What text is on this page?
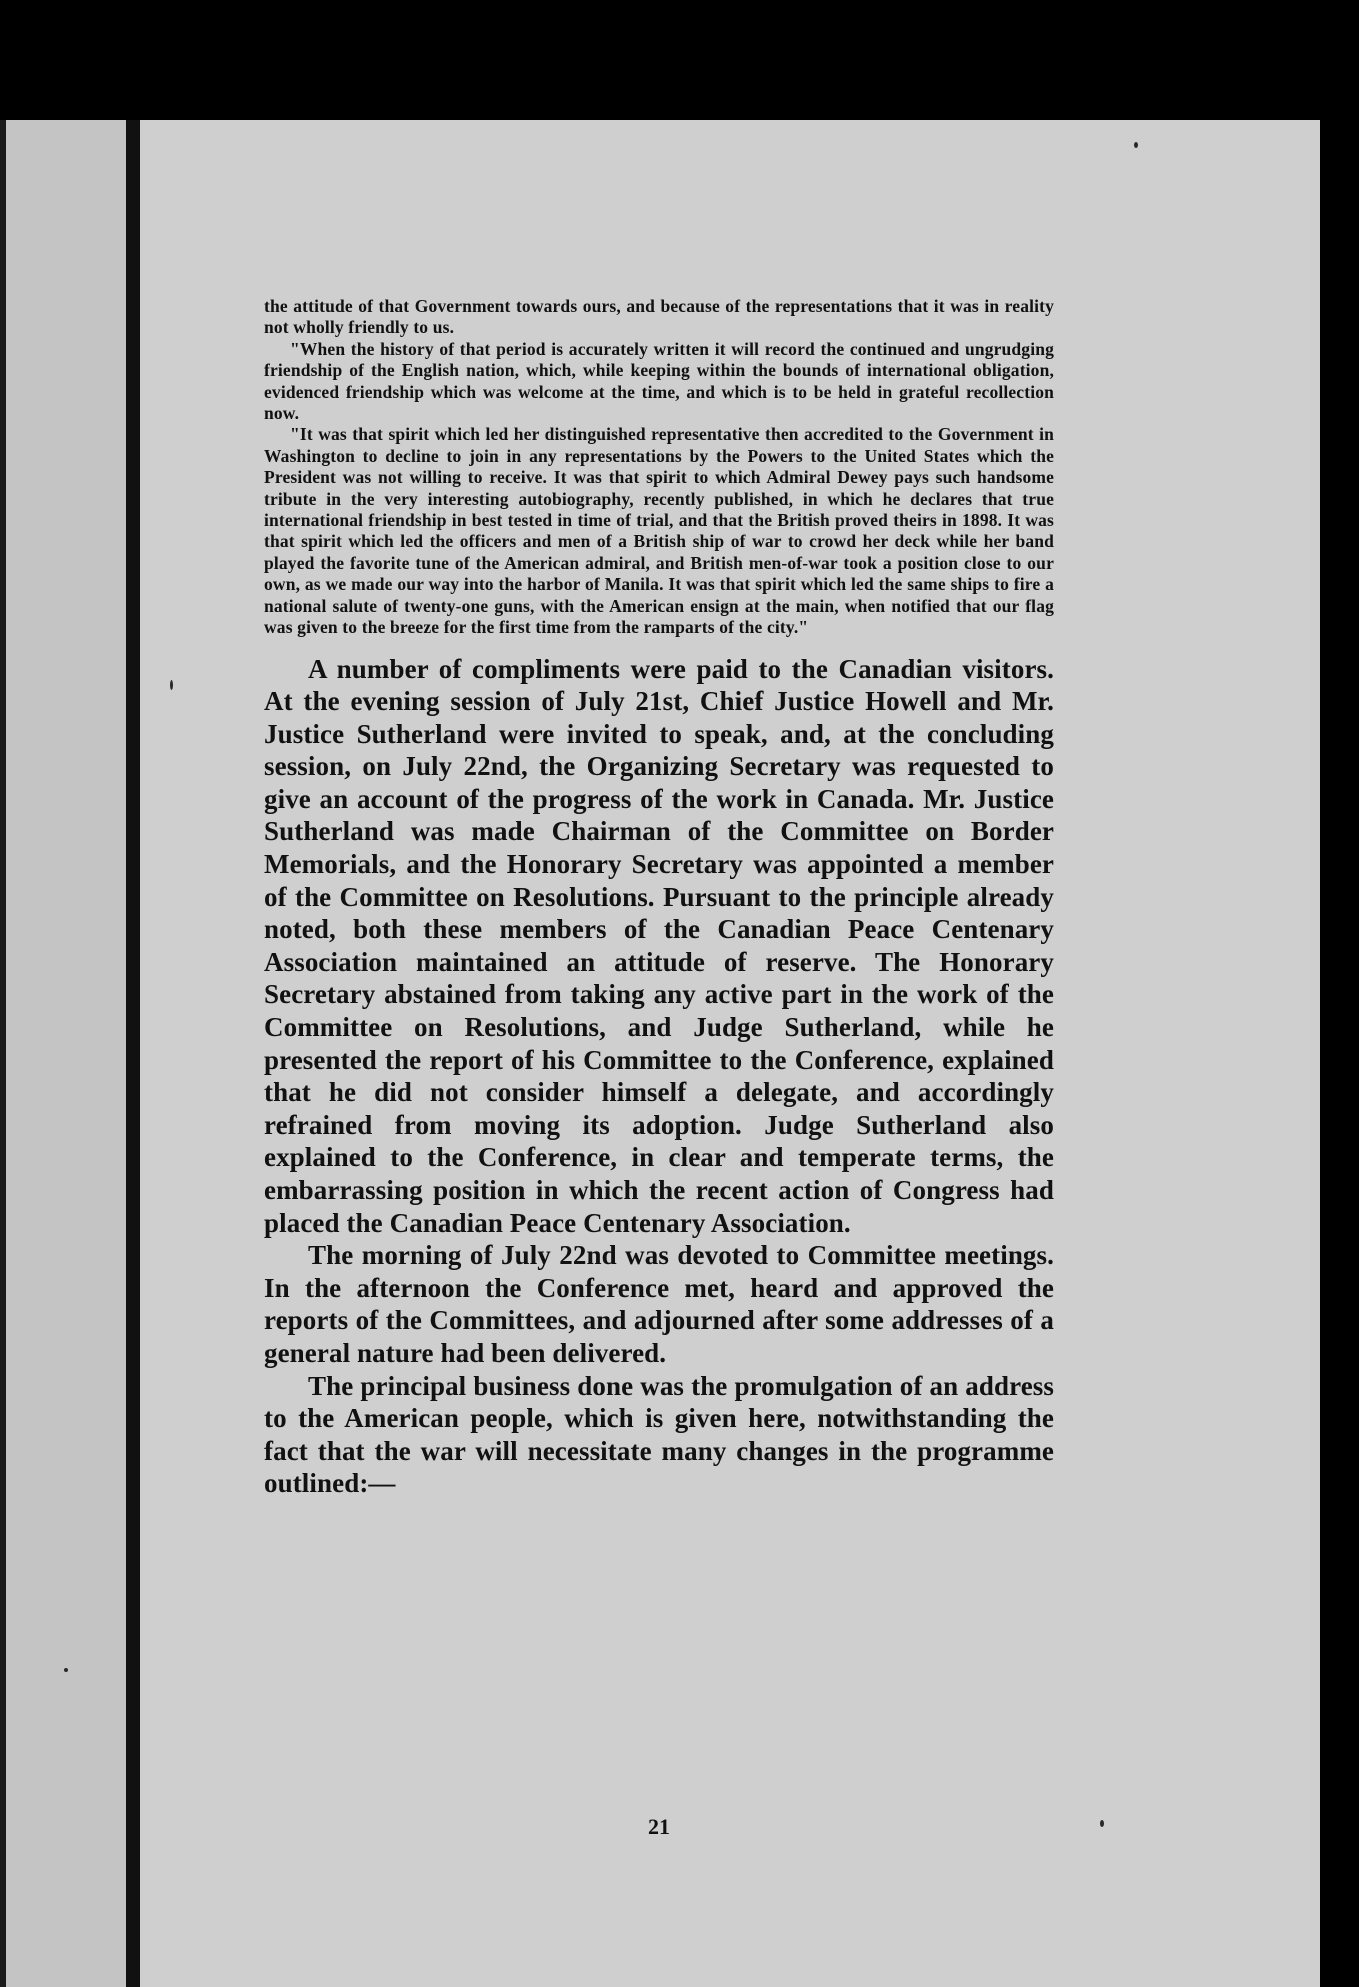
the attitude of that Government towards ours, and because of the representations that it was in reality not wholly friendly to us.

"When the history of that period is accurately written it will record the continued and ungrudging friendship of the English nation, which, while keeping within the bounds of international obligation, evidenced friendship which was welcome at the time, and which is to be held in grateful recollection now.

"It was that spirit which led her distinguished representative then accredited to the Government in Washington to decline to join in any representations by the Powers to the United States which the President was not willing to receive. It was that spirit to which Admiral Dewey pays such handsome tribute in the very interesting autobiography, recently published, in which he declares that true international friendship in best tested in time of trial, and that the British proved theirs in 1898. It was that spirit which led the officers and men of a British ship of war to crowd her deck while her band played the favorite tune of the American admiral, and British men-of-war took a position close to our own, as we made our way into the harbor of Manila. It was that spirit which led the same ships to fire a national salute of twenty-one guns, with the American ensign at the main, when notified that our flag was given to the breeze for the first time from the ramparts of the city."

A number of compliments were paid to the Canadian visitors. At the evening session of July 21st, Chief Justice Howell and Mr. Justice Sutherland were invited to speak, and, at the concluding session, on July 22nd, the Organizing Secretary was requested to give an account of the progress of the work in Canada. Mr. Justice Sutherland was made Chairman of the Committee on Border Memorials, and the Honorary Secretary was appointed a member of the Committee on Resolutions. Pursuant to the principle already noted, both these members of the Canadian Peace Centenary Association maintained an attitude of reserve. The Honorary Secretary abstained from taking any active part in the work of the Committee on Resolutions, and Judge Sutherland, while he presented the report of his Committee to the Conference, explained that he did not consider himself a delegate, and accordingly refrained from moving its adoption. Judge Sutherland also explained to the Conference, in clear and temperate terms, the embarrassing position in which the recent action of Congress had placed the Canadian Peace Centenary Association.

The morning of July 22nd was devoted to Committee meetings. In the afternoon the Conference met, heard and approved the reports of the Committees, and adjourned after some addresses of a general nature had been delivered.

The principal business done was the promulgation of an address to the American people, which is given here, notwithstanding the fact that the war will necessitate many changes in the programme outlined:—

21
